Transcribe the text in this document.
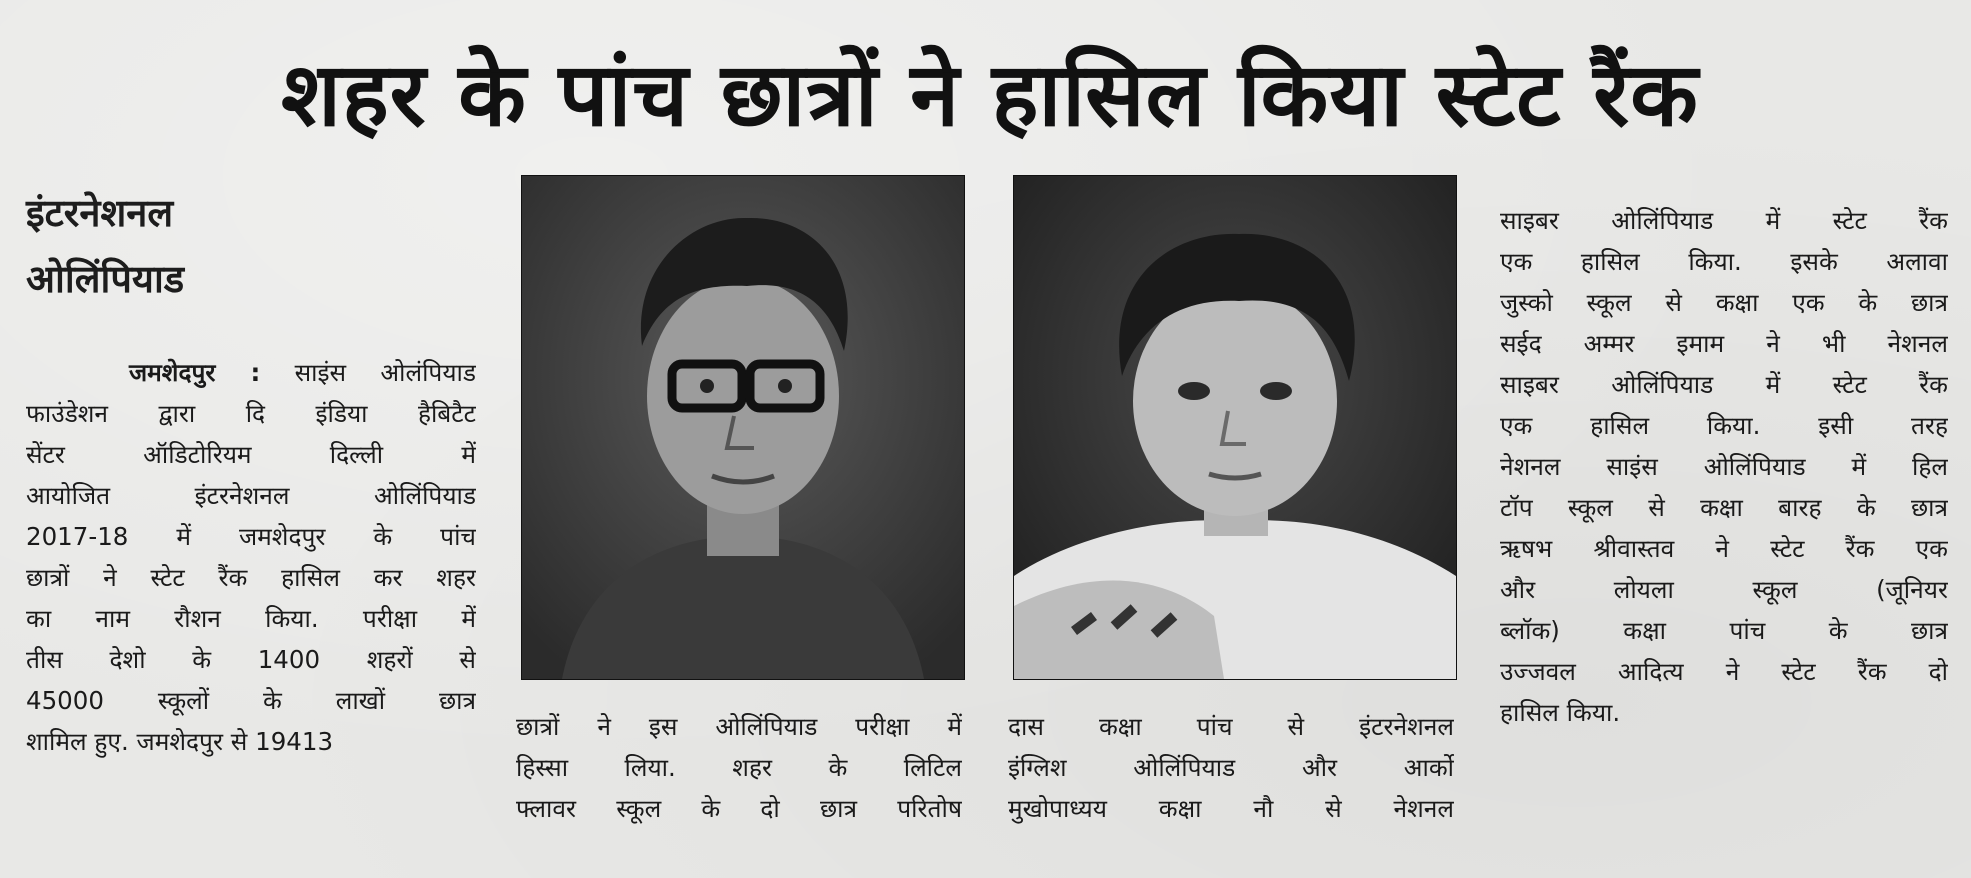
शहर के पांच छात्रों ने हासिल किया स्टेट रैंक
इंटरनेशनल
ओलिंपियाड
जमशेदपुर : साइंस ओलंपियाड
फाउंडेशन द्वारा दि इंडिया हैबिटैट
सेंटर ऑडिटोरियम दिल्ली में
आयोजित इंटरनेशनल ओलिंपियाड
2017-18 में जमशेदपुर के पांच
छात्रों ने स्टेट रैंक हासिल कर शहर
का नाम रौशन किया. परीक्षा में
तीस देशो के 1400 शहरों से
45000 स्कूलों के लाखों छात्र
शामिल हुए. जमशेदपुर से 19413
छात्रों ने इस ओलिंपियाड परीक्षा में
हिस्सा लिया. शहर के लिटिल
फ्लावर स्कूल के दो छात्र परितोष
दास कक्षा पांच से इंटरनेशनल
इंग्लिश ओलिंपियाड और आर्को
मुखोपाध्यय कक्षा नौ से नेशनल
साइबर ओलिंपियाड में स्टेट रैंक
एक हासिल किया. इसके अलावा
जुस्को स्कूल से कक्षा एक के छात्र
सईद अम्मर इमाम ने भी नेशनल
साइबर ओलिंपियाड में स्टेट रैंक
एक हासिल किया. इसी तरह
नेशनल साइंस ओलिंपियाड में हिल
टॉप स्कूल से कक्षा बारह के छात्र
ऋषभ श्रीवास्तव ने स्टेट रैंक एक
और लोयला स्कूल (जूनियर
ब्लॉक) कक्षा पांच के छात्र
उज्जवल आदित्य ने स्टेट रैंक दो
हासिल किया.
